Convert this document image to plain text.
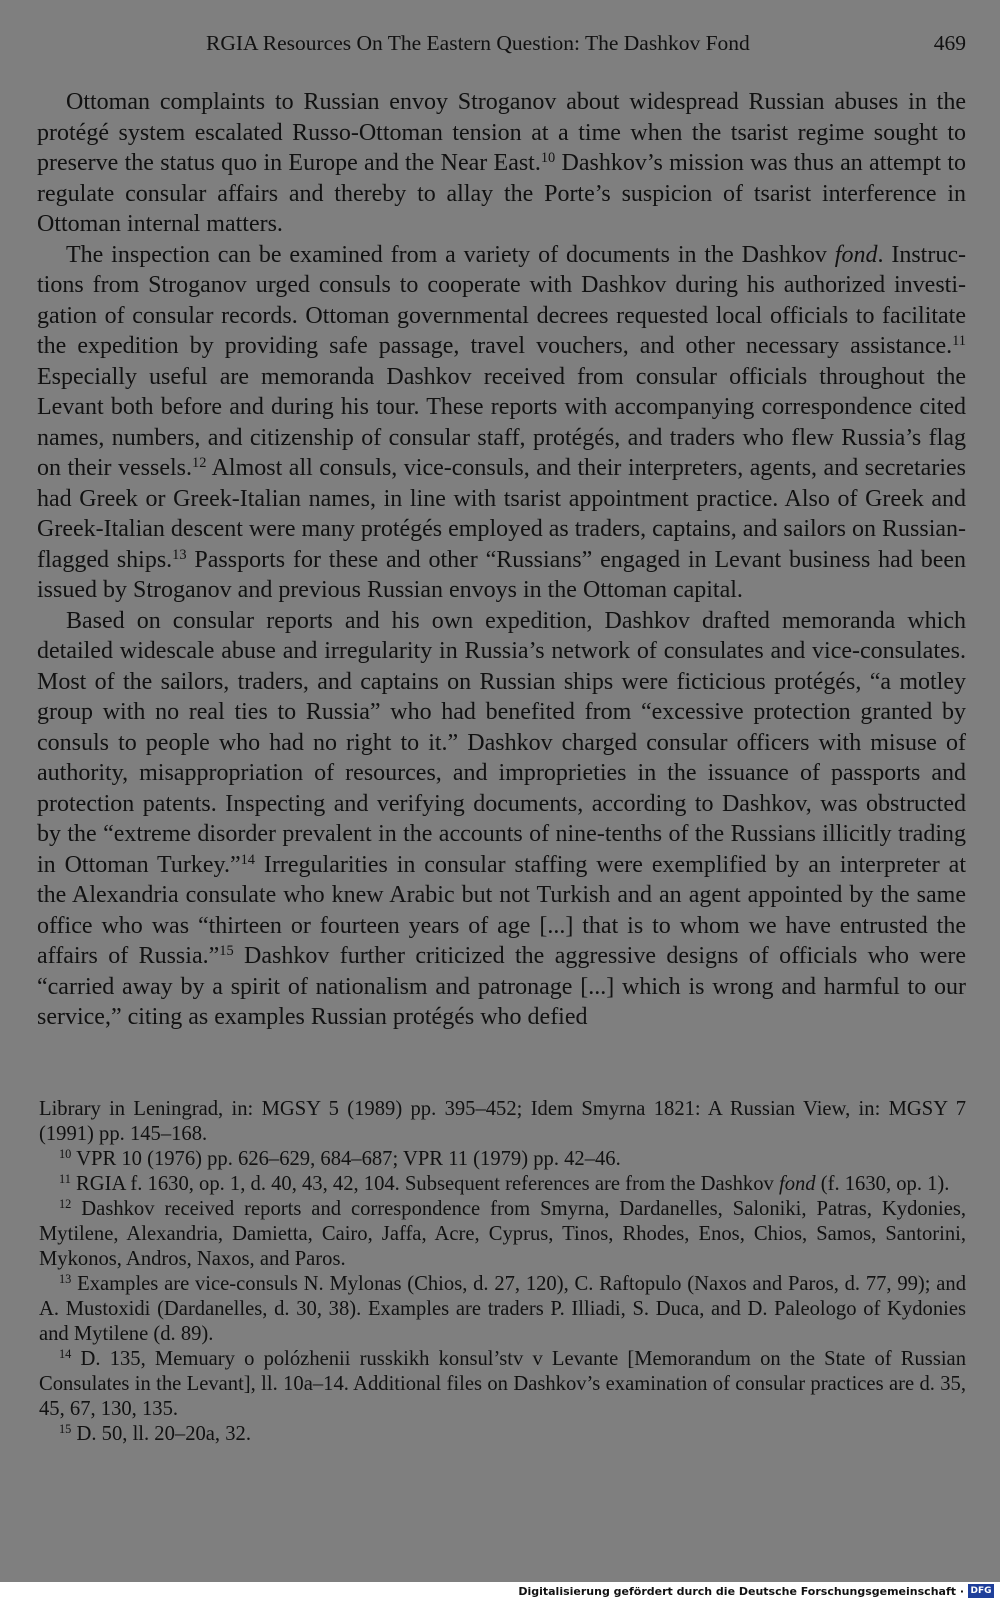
RGIA Resources On The Eastern Question: The Dashkov Fond	469

Ottoman complaints to Russian envoy Stroganov about widespread Russian abuses in the protégé system escalated Russo-Ottoman tension at a time when the tsarist regime sought to preserve the status quo in Europe and the Near East.$^{10}$ Dashkov’s mission was thus an attempt to regulate consular affairs and thereby to allay the Porte’s suspicion of tsarist interference in Ottoman internal matters.

The inspection can be examined from a variety of documents in the Dashkov fond. Instructions from Stroganov urged consuls to cooperate with Dashkov during his authorized investigation of consular records. Ottoman governmental decrees requested local officials to facilitate the expedition by providing safe passage, travel vouchers, and other necessary assistance.$^{11}$ Especially useful are memoranda Dashkov received from consular officials throughout the Levant both before and during his tour. These reports with accompanying correspondence cited names, numbers, and citizenship of consular staff, protégés, and traders who flew Russia’s flag on their vessels.$^{12}$ Almost all consuls, vice-consuls, and their interpreters, agents, and secretaries had Greek or Greek-Italian names, in line with tsarist appointment practice. Also of Greek and Greek-Italian descent were many protégés employed as traders, captains, and sailors on Russian-flagged ships.$^{13}$ Passports for these and other “Russians” engaged in Levant business had been issued by Stroganov and previous Russian envoys in the Ottoman capital.

Based on consular reports and his own expedition, Dashkov drafted memoranda which detailed widescale abuse and irregularity in Russia’s network of consulates and vice-consulates. Most of the sailors, traders, and captains on Russian ships were ficticious protégés, “a motley group with no real ties to Russia” who had benefited from “excessive protection granted by consuls to people who had no right to it.” Dashkov charged consular officers with misuse of authority, misappropriation of resources, and improprieties in the issuance of passports and protection patents. Inspecting and verifying documents, according to Dashkov, was obstructed by the “extreme disorder prevalent in the accounts of nine-tenths of the Russians illicitly trading in Ottoman Turkey.”$^{14}$ Irregularities in consular staffing were exemplified by an interpreter at the Alexandria consulate who knew Arabic but not Turkish and an agent appointed by the same office who was “thirteen or fourteen years of age [...] that is to whom we have entrusted the affairs of Russia.”$^{15}$ Dashkov further criticized the aggressive designs of officials who were “carried away by a spirit of nationalism and patronage [...] which is wrong and harmful to our service,” citing as examples Russian protégés who defied

Library in Leningrad, in: MGSY 5 (1989) pp. 395–452; Idem Smyrna 1821: A Russian View, in: MGSY 7 (1991) pp. 145–168.

$^{10}$ VPR 10 (1976) pp. 626–629, 684–687; VPR 11 (1979) pp. 42–46.

$^{11}$ RGIA f. 1630, op. 1, d. 40, 43, 42, 104. Subsequent references are from the Dashkov fond (f. 1630, op. 1).

$^{12}$ Dashkov received reports and correspondence from Smyrna, Dardanelles, Saloniki, Patras, Kydonies, Mytilene, Alexandria, Damietta, Cairo, Jaffa, Acre, Cyprus, Tinos, Rhodes, Enos, Chios, Samos, Santorini, Mykonos, Andros, Naxos, and Paros.

$^{13}$ Examples are vice-consuls N. Mylonas (Chios, d. 27, 120), C. Raftopulo (Naxos and Paros, d. 77, 99); and A. Mustoxidi (Dardanelles, d. 30, 38). Examples are traders P. Illiadi, S. Duca, and D. Paleologo of Kydonies and Mytilene (d. 89).

$^{14}$ D. 135, Memuary o polózhenii russkikh konsul’stv v Levante [Memorandum on the State of Russian Consulates in the Levant], ll. 10a–14. Additional files on Dashkov’s examination of consular practices are d. 35, 45, 67, 130, 135.

$^{15}$ D. 50, ll. 20–20a, 32.

Digitalisierung gefördert durch die Deutsche Forschungsgemeinschaft · DFG
